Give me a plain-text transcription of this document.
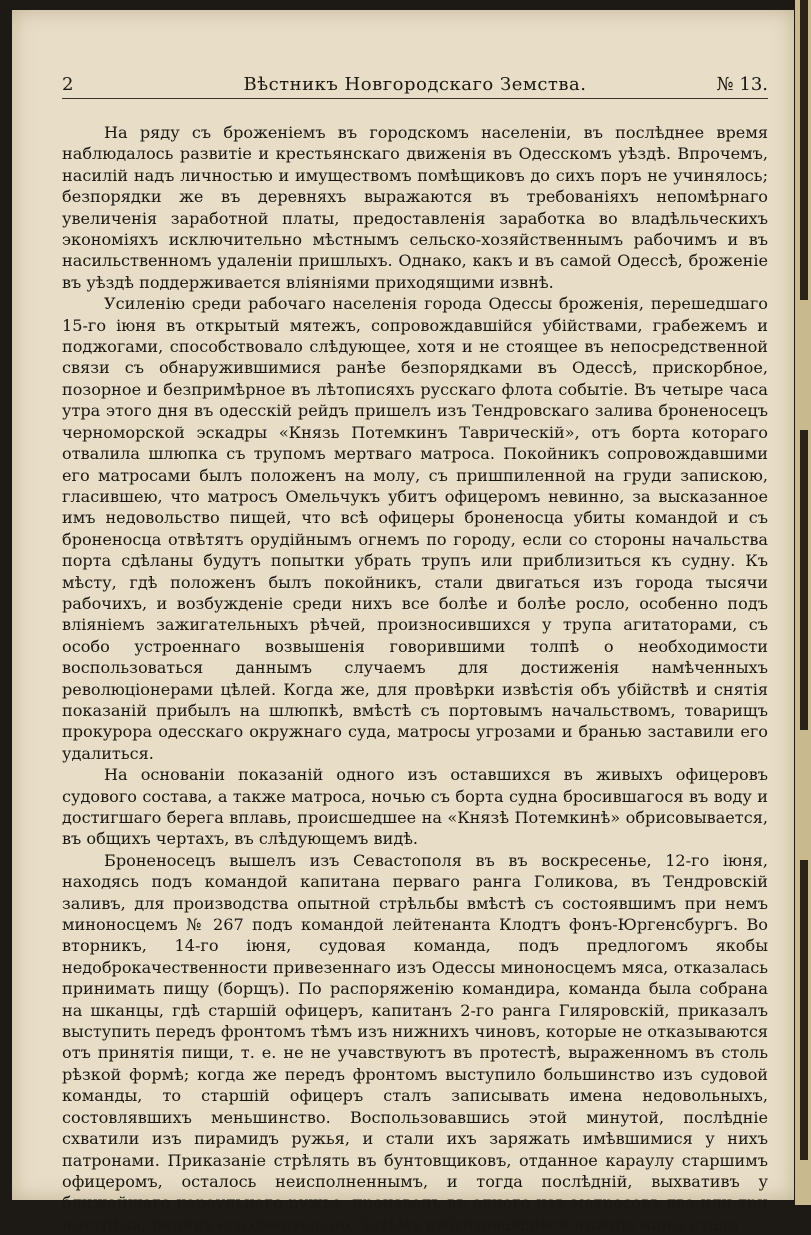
2	Вѣстникъ Новгородскаго Земства.	№ 13.

На ряду съ броженіемъ въ городскомъ населеніи, въ послѣднее время наблюдалось развитіе и крестьянскаго движенія въ Одесскомъ уѣздѣ. Впрочемъ, насилій надъ личностью и имуществомъ помѣщиковъ до сихъ поръ не учинялось; безпорядки же въ деревняхъ выражаются въ требованіяхъ непомѣрнаго увеличенія заработной платы, предоставленія заработка во владѣльческихъ экономіяхъ исключительно мѣстнымъ сельско-хозяйственнымъ рабочимъ и въ насильственномъ удаленіи пришлыхъ. Однако, какъ и въ самой Одессѣ, броженіе въ уѣздѣ поддерживается вліяніями приходящими извнѣ.

Усиленію среди рабочаго населенія города Одессы броженія, перешедшаго 15-го іюня въ открытый мятежъ, сопровождавшійся убійствами, грабежемъ и поджогами, способствовало слѣдующее, хотя и не стоящее въ непосредственной связи съ обнаружившимися ранѣе безпорядками въ Одессѣ, прискорбное, позорное и безпримѣрное въ лѣтописяхъ русскаго флота событіе. Въ четыре часа утра этого дня въ одесскій рейдъ пришелъ изъ Тендровскаго залива броненосецъ черноморской эскадры «Князь Потемкинъ Таврическій», отъ борта котораго отвалила шлюпка съ трупомъ мертваго матроса. Покойникъ сопровождавшими его матросами былъ положенъ на молу, съ пришпиленной на груди запискою, гласившею, что матросъ Омельчукъ убитъ офицеромъ невинно, за высказанное имъ недовольство пищей, что всѣ офицеры броненосца убиты командой и съ броненосца отвѣтятъ орудійнымъ огнемъ по городу, если со стороны начальства порта сдѣланы будутъ попытки убрать трупъ или приблизиться къ судну. Къ мѣсту, гдѣ положенъ былъ покойникъ, стали двигаться изъ города тысячи рабочихъ, и возбужденіе среди нихъ все болѣе и болѣе росло, особенно подъ вліяніемъ зажигательныхъ рѣчей, произносившихся у трупа агитаторами, съ особо устроеннаго возвышенія говорившими толпѣ о необходимости воспользоваться даннымъ случаемъ для достиженія намѣченныхъ революціонерами цѣлей. Когда же, для провѣрки извѣстія объ убійствѣ и снятія показаній прибылъ на шлюпкѣ, вмѣстѣ съ портовымъ начальствомъ, товарищъ прокурора одесскаго окружнаго суда, матросы угрозами и бранью заставили его удалиться.

На основаніи показаній одного изъ оставшихся въ живыхъ офицеровъ судового состава, а также матроса, ночью съ борта судна бросившагося въ воду и достигшаго берега вплавь, происшедшее на «Князѣ Потемкинѣ» обрисовывается, въ общихъ чертахъ, въ слѣдующемъ видѣ.

Броненосецъ вышелъ изъ Севастополя въ въ воскресенье, 12-го іюня, находясь подъ командой капитана перваго ранга Голикова, въ Тендровскій заливъ, для производства опытной стрѣльбы вмѣстѣ съ состоявшимъ при немъ миноносцемъ № 267 подъ командой лейтенанта Клодтъ фонъ-Юргенсбургъ. Во вторникъ, 14-го іюня, судовая команда, подъ предлогомъ якобы недоброкачественности привезеннаго изъ Одессы миноносцемъ мяса, отказалась принимать пищу (борщъ). По распоряженію командира, команда была собрана на шканцы, гдѣ старшій офицеръ, капитанъ 2-го ранга Гиляровскій, приказалъ выступить передъ фронтомъ тѣмъ изъ нижнихъ чиновъ, которые не отказываются отъ принятія пищи, т. е. не не учавствуютъ въ протестѣ, выраженномъ въ столь рѣзкой формѣ; когда же передъ фронтомъ выступило большинство изъ судовой команды, то старшій офицеръ сталъ записывать имена недовольныхъ, состовлявшихъ меньшинство. Воспользовавшись этой минутой, послѣдніе схватили изъ пирамидъ ружья, и стали ихъ заряжать имѣвшимися у нихъ патронами. Приказаніе стрѣлять въ бунтовщиковъ, отданное караулу старшимъ офицеромъ, осталось неисполненнымъ, и тогда послѣдній, выхвативъ у ближайшаго караульнаго ружье, произвелъ въ одного изъ матросовъ два или три выстрѣла, ранивъ его смертельно. Затѣмъ взбунтовавшіеся нижніе чины стали
